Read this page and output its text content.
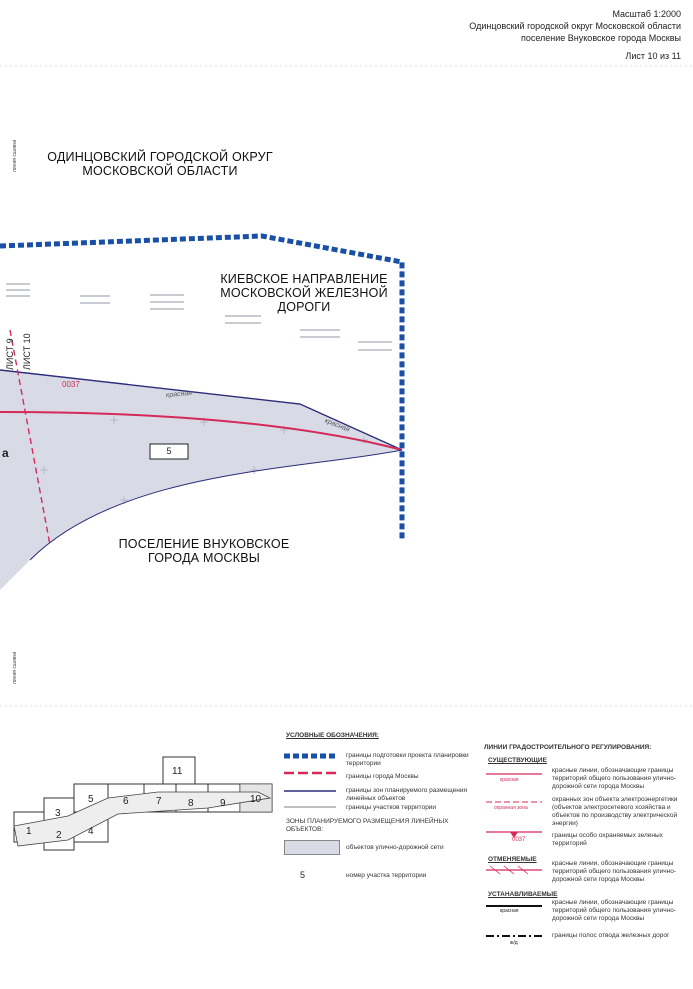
Масштаб 1:2000
Одинцовский городской округ Московской области
поселение Внуковское города Москвы
Лист 10 из 11
ОДИНЦОВСКИЙ ГОРОДСКОЙ ОКРУГ
МОСКОВСКОЙ ОБЛАСТИ
КИЕВСКОЕ НАПРАВЛЕНИЕ
МОСКОВСКОЙ ЖЕЛЕЗНОЙ
ДОРОГИ
ПОСЕЛЕНИЕ ВНУКОВСКОЕ
ГОРОДА МОСКВЫ
ЛИСТ 9 ЛИСТ 10
5
0037
красная
красная
а
линия сшивки
линия сшивки
1 2
3
4
5	6	7	8	9 10
11
УСЛОВНЫЕ ОБОЗНАЧЕНИЯ:
границы подготовки проекта планировки территории
границы города Москвы
границы зон планируемого размещения линейных объектов
границы участков территории
ЗОНЫ ПЛАНИРУЕМОГО РАЗМЕЩЕНИЯ ЛИНЕЙНЫХ ОБЪЕКТОВ:
объектов улично-дорожной сети
5	номер участка территории
ЛИНИИ ГРАДОСТРОИТЕЛЬНОГО РЕГУЛИРОВАНИЯ:
СУЩЕСТВУЮЩИЕ
красная
охранная зона
0037
красные линии, обозначающие границы территорий общего пользования улично-дорожной сети города Москвы
охранных зон объекта электроэнергетики (объектов электросетевого хозяйства и объектов по производству электрической энергии)
границы особо охраняемых зеленых территорий
ОТМЕНЯЕМЫЕ
красные линии, обозначающие границы территорий общего пользования улично-дорожной сети города Москвы
УСТАНАВЛИВАЕМЫЕ
красная
красные линии, обозначающие границы территорий общего пользования улично-дорожной сети города Москвы
ж/д
границы полос отвода железных дорог
